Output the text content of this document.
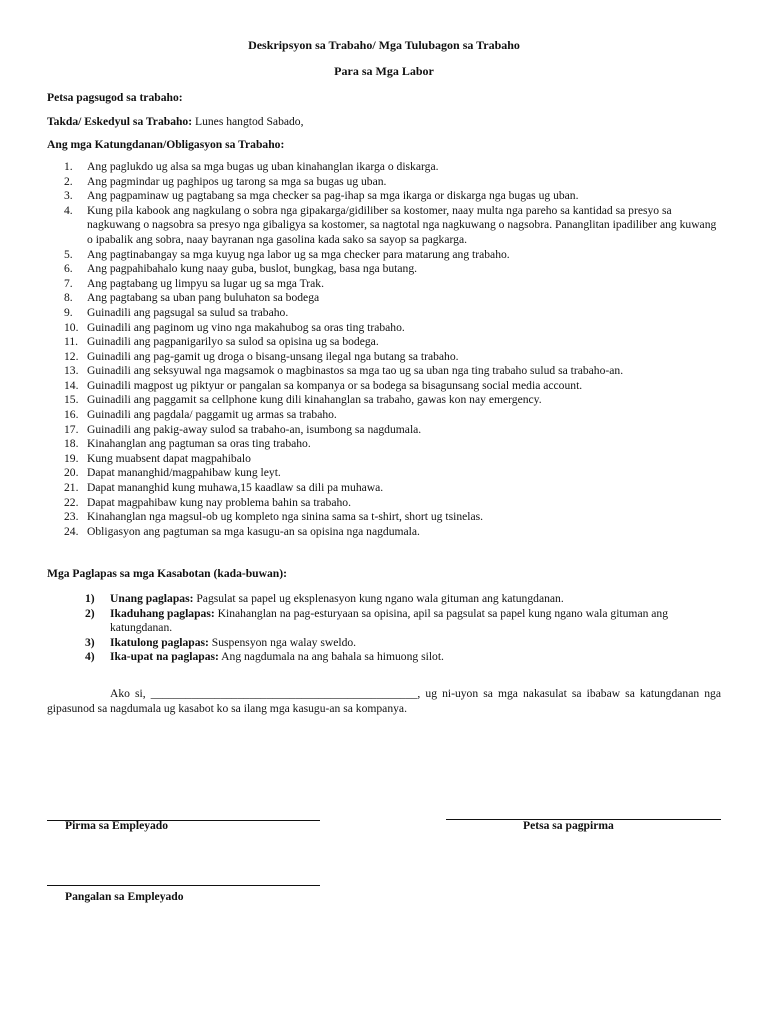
Deskripsyon sa Trabaho/ Mga Tulubagon sa Trabaho
Para sa Mga Labor
Petsa pagsugod sa trabaho:
Takda/ Eskedyul sa Trabaho: Lunes hangtod Sabado,
Ang mga Katungdanan/Obligasyon sa Trabaho:
1. Ang paglukdo ug alsa sa mga bugas ug uban kinahanglan ikarga o diskarga.
2. Ang pagmindar ug paghipos ug tarong sa mga sa bugas ug uban.
3. Ang pagpaminaw ug pagtabang sa mga checker sa pag-ihap sa mga ikarga or diskarga nga bugas ug uban.
4. Kung pila kabook ang nagkulang o sobra nga gipakarga/gidiliber sa kostomer, naay multa nga pareho sa kantidad sa presyo sa nagkuwang o nagsobra sa presyo nga gibaligya sa kostomer, sa nagtotal nga nagkuwang o nagsobra. Pananglitan ipadiliber ang kuwang o ipabalik ang sobra, naay bayranan nga gasolina kada sako sa sayop sa pagkarga.
5. Ang pagtinabangay sa mga kuyug nga labor ug sa mga checker para matarung ang trabaho.
6. Ang pagpahibahalo kung naay guba, buslot, bungkag, basa nga butang.
7. Ang pagtabang ug limpyu sa lugar ug sa mga Trak.
8. Ang pagtabang sa uban pang buluhaton sa bodega
9. Guinadili ang pagsugal sa sulud sa trabaho.
10. Guinadili ang paginom ug vino nga makahubog sa oras ting trabaho.
11. Guinadili ang pagpanigarilyo sa sulod sa opisina ug sa bodega.
12. Guinadili ang pag-gamit ug droga o bisang-unsang ilegal nga butang sa trabaho.
13. Guinadili ang seksyuwal nga magsamok o magbinastos sa mga tao ug sa uban nga ting trabaho sulud sa trabaho-an.
14. Guinadili magpost ug piktyur or pangalan sa kompanya or sa bodega sa bisagunsang social media account.
15. Guinadili ang paggamit sa cellphone kung dili kinahanglan sa trabaho, gawas kon nay emergency.
16. Guinadili ang pagdala/ paggamit ug armas sa trabaho.
17. Guinadili ang pakig-away sulod sa trabaho-an, isumbong sa nagdumala.
18. Kinahanglan ang pagtuman sa oras ting trabaho.
19. Kung muabsent dapat magpahibalo
20. Dapat mananghid/magpahibaw kung leyt.
21. Dapat mananghid kung muhawa,15 kaadlaw sa dili pa muhawa.
22. Dapat magpahibaw kung nay problema bahin sa trabaho.
23. Kinahanglan nga magsul-ob ug kompleto nga sinina sama sa t-shirt, short ug tsinelas.
24. Obligasyon ang pagtuman sa mga kasugu-an sa opisina nga nagdumala.
Mga Paglapas sa mga Kasabotan (kada-buwan):
1) Unang paglapas: Pagsulat sa papel ug eksplenasyon kung ngano wala gituman ang katungdanan.
2) Ikaduhang paglapas: Kinahanglan na pag-esturyaan sa opisina, apil sa pagsulat sa papel kung ngano wala gituman ang katungdanan.
3) Ikatulong paglapas: Suspensyon nga walay sweldo.
4) Ika-upat na paglapas: Ang nagdumala na ang bahala sa himuong silot.
Ako si, ______________________________________________, ug ni-uyon sa mga nakasulat sa ibabaw sa katungdanan nga gipasunod sa nagdumala ug kasabot ko sa ilang mga kasugu-an sa kompanya.
Pirma sa Empleyado	Petsa sa pagpirma
Pangalan sa Empleyado
